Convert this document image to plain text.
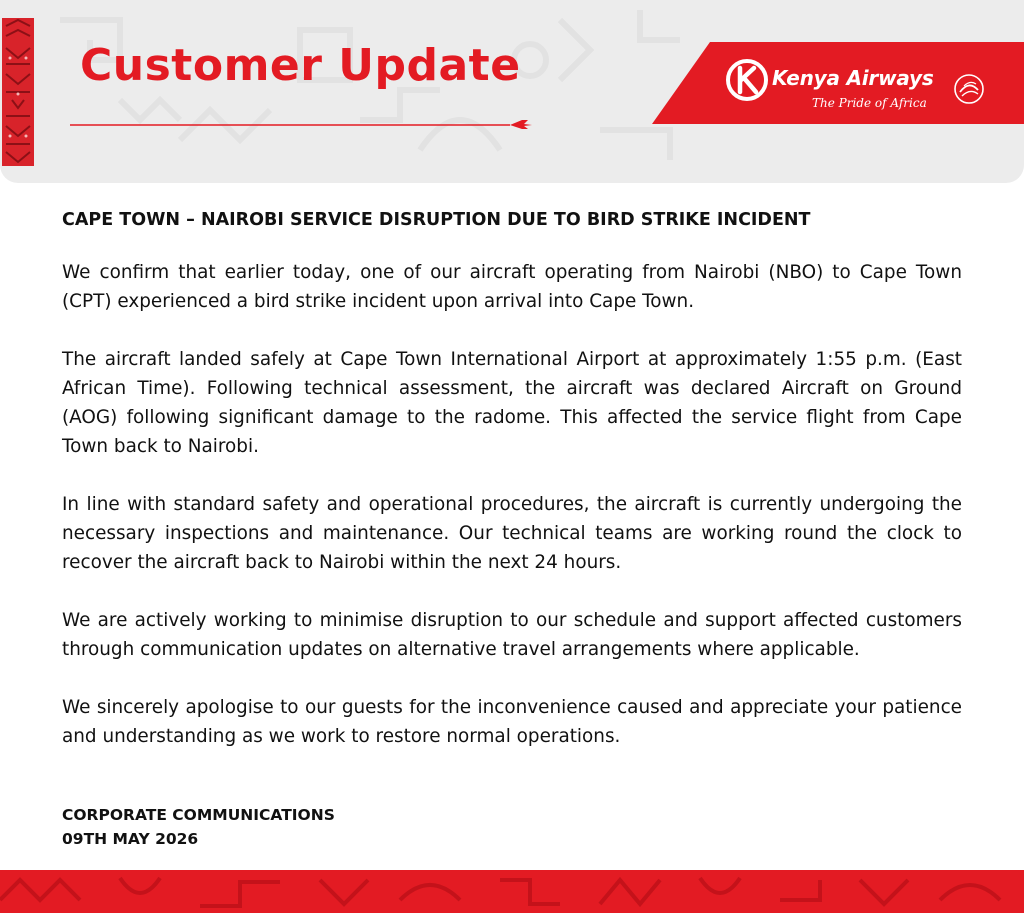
Customer Update	Kenya Airways
The Pride of Africa
CAPE TOWN – NAIROBI SERVICE DISRUPTION DUE TO BIRD STRIKE INCIDENT

We confirm that earlier today, one of our aircraft operating from Nairobi (NBO) to Cape Town (CPT) experienced a bird strike incident upon arrival into Cape Town.

The aircraft landed safely at Cape Town International Airport at approximately 1:55 p.m. (East African Time). Following technical assessment, the aircraft was declared Aircraft on Ground (AOG) following significant damage to the radome. This affected the service flight from Cape Town back to Nairobi.

In line with standard safety and operational procedures, the aircraft is currently undergoing the necessary inspections and maintenance. Our technical teams are working round the clock to recover the aircraft back to Nairobi within the next 24 hours.

We are actively working to minimise disruption to our schedule and support affected customers through communication updates on alternative travel arrangements where applicable.

We sincerely apologise to our guests for the inconvenience caused and appreciate your patience and understanding as we work to restore normal operations.

CORPORATE COMMUNICATIONS
09TH MAY 2026
